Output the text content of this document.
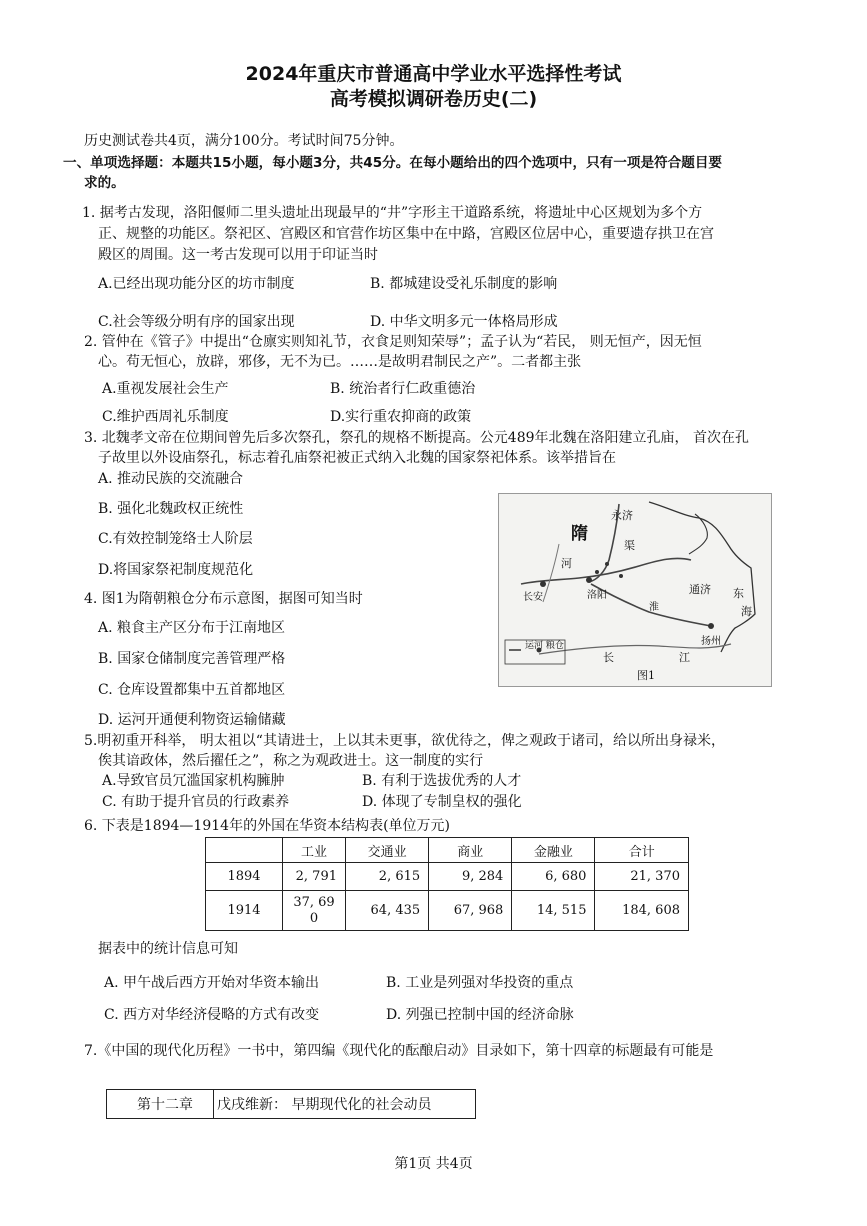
2024年重庆市普通高中学业水平选择性考试
高考模拟调研卷历史(二)
历史测试卷共4页，满分100分。考试时间75分钟。
一、单项选择题：本题共15小题，每小题3分，共45分。在每小题给出的四个选项中，只有一项是符合题目要
求的。
1. 据考古发现，洛阳偃师二里头遗址出现最早的“井”字形主干道路系统，将遗址中心区规划为多个方
正、规整的功能区。祭祀区、宫殿区和官营作坊区集中在中路，宫殿区位居中心，重要遗存拱卫在宫
殿区的周围。这一考古发现可以用于印证当时
A.已经出现功能分区的坊市制度	B. 都城建设受礼乐制度的影响
C.社会等级分明有序的国家出现	D. 中华文明多元一体格局形成
2. 管仲在《管子》中提出“仓廪实则知礼节，衣食足则知荣辱”；孟子认为“若民， 则无恒产，因无恒
心。苟无恒心，放辟，邪侈，无不为已。……是故明君制民之产”。二者都主张
A.重视发展社会生产	B. 统治者行仁政重德治
C.维护西周礼乐制度	D.实行重农抑商的政策
3. 北魏孝文帝在位期间曾先后多次祭孔，祭孔的规格不断提高。公元489年北魏在洛阳建立孔庙， 首次在孔
子故里以外设庙祭孔，标志着孔庙祭祀被正式纳入北魏的国家祭祀体系。该举措旨在
A. 推动民族的交流融合
B. 强化北魏政权正统性
C.有效控制笼络士人阶层
D.将国家祭祀制度规范化
隋
永济
渠
通济 东
海
河
长安	洛阳
淮
扬州
长	江
运河 粮仓
图1
4. 图1为隋朝粮仓分布示意图，据图可知当时
A. 粮食主产区分布于江南地区
B. 国家仓储制度完善管理严格
C. 仓库设置都集中五首都地区
D. 运河开通便利物资运输储藏
5.明初重开科举， 明太祖以“其请进士，上以其未更事，欲优待之，俾之观政于诸司，给以所出身禄米，
俟其谙政体，然后擢任之”，称之为观政进士。这一制度的实行
A.导致官员冗滥国家机构臃肿	B. 有利于选拔优秀的人才
C. 有助于提升官员的行政素养	D. 体现了专制皇权的强化
6. 下表是1894—1914年的外国在华资本结构表(单位万元)
	工业	交通业	商业	金融业	合计
1894	2, 791	2, 615	9, 284	6, 680	21, 370
1914	37, 690	64, 435	67, 968	14, 515	184, 608
据表中的统计信息可知
A. 甲午战后西方开始对华资本输出	B. 工业是列强对华投资的重点
C. 西方对华经济侵略的方式有改变	D. 列强已控制中国的经济命脉
7.《中国的现代化历程》一书中，第四编《现代化的酝酿启动》目录如下，第十四章的标题最有可能是
第十二章 戊戌维新： 早期现代化的社会动员
第1页 共4页
